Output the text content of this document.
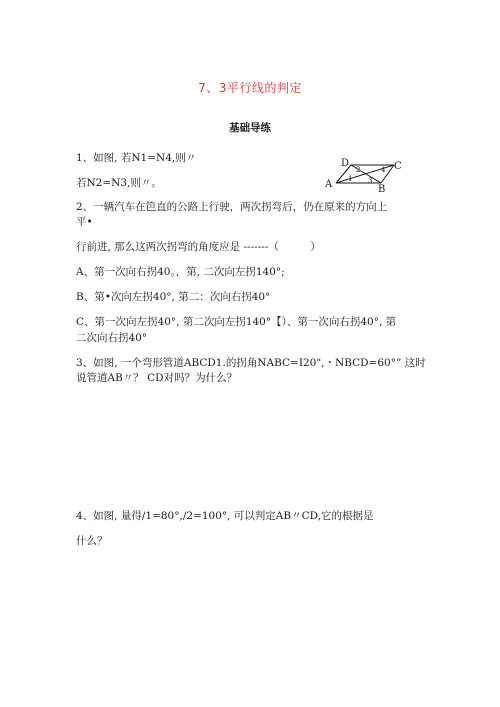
7、3平行线的判定
基础导练
1、如图, 若N1=N4,则〃
若N2=N3,则〃。
2、一辆汽车在笆直的公路上行驶，两次拐弯后，仍在原来的方向上
平•
行前进, 那么这两次拐弯的角度应是 -------（　　　）
A、第一次向右拐40。，第, 二次向左拐140°;
B、第•次向左拐40°, 第二：次向右拐40°
C、第一次向左拐40°, 第二次向左拐140°【）、第一次向右拐40°, 第
二次向右拐40°
3、如图, 一个弯形管道ABCD1.的拐角NABC=I20",・NBCD=60°” 这时
说管道AB〃？ CD对吗？为什么？
4、如图, 量得/1=80°,/2=100°, 可以判定AB〃CD,它的根据是
什么？
A	B
C
D
1
2
3
4
